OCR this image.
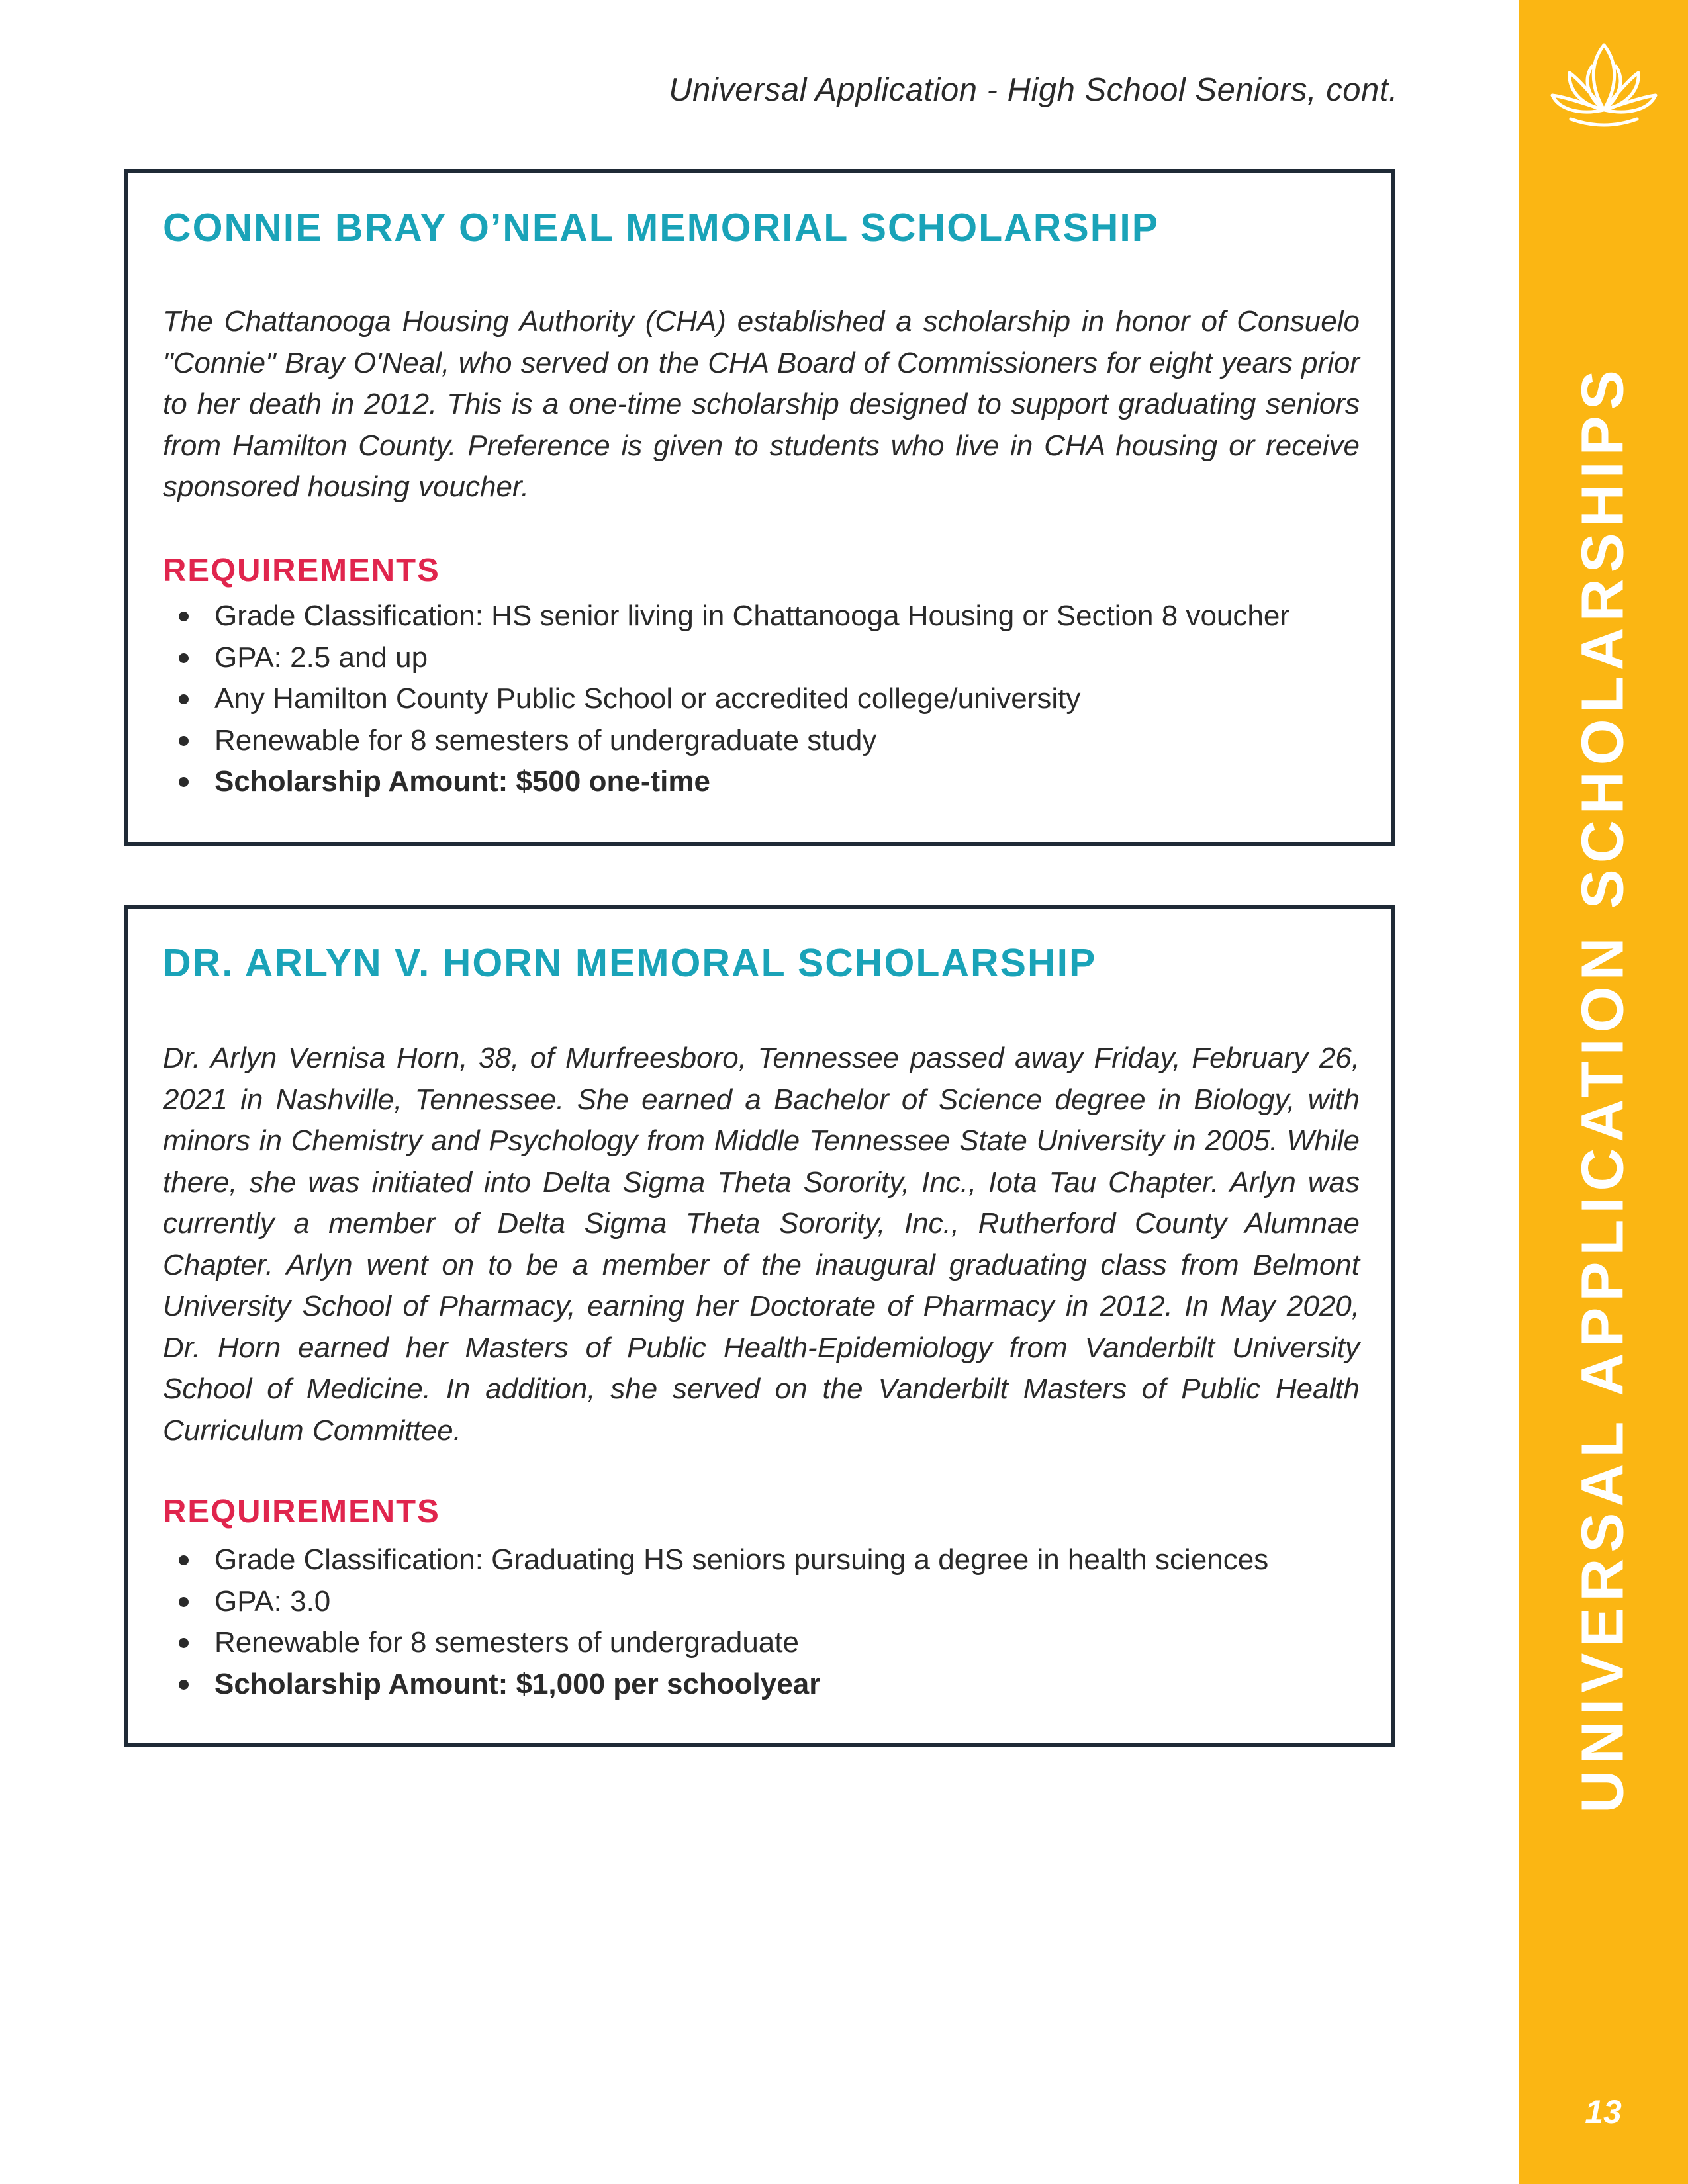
Universal Application - High School Seniors, cont.
CONNIE BRAY O’NEAL MEMORIAL SCHOLARSHIP
The Chattanooga Housing Authority (CHA) established a scholarship in honor of Consuelo "Connie" Bray O'Neal, who served on the CHA Board of Commissioners for eight years prior to her death in 2012. This is a one-time scholarship designed to support graduating seniors from Hamilton County. Preference is given to students who live in CHA housing or receive sponsored housing voucher.
REQUIREMENTS
Grade Classification: HS senior living in Chattanooga Housing or Section 8 voucher
GPA: 2.5 and up
Any Hamilton County Public School or accredited college/university
Renewable for 8 semesters of undergraduate study
Scholarship Amount: $500 one-time
DR. ARLYN V. HORN MEMORAL SCHOLARSHIP
Dr. Arlyn Vernisa Horn, 38, of Murfreesboro, Tennessee passed away Friday, February 26, 2021 in Nashville, Tennessee. She earned a Bachelor of Science degree in Biology, with minors in Chemistry and Psychology from Middle Tennessee State University in 2005. While there, she was initiated into Delta Sigma Theta Sorority, Inc., Iota Tau Chapter. Arlyn was currently a member of Delta Sigma Theta Sorority, Inc., Rutherford County Alumnae Chapter. Arlyn went on to be a member of the inaugural graduating class from Belmont University School of Pharmacy, earning her Doctorate of Pharmacy in 2012. In May 2020, Dr. Horn earned her Masters of Public Health-Epidemiology from Vanderbilt University School of Medicine. In addition, she served on the Vanderbilt Masters of Public Health Curriculum Committee.
REQUIREMENTS
Grade Classification: Graduating HS seniors pursuing a degree in health sciences
GPA: 3.0
Renewable for 8 semesters of undergraduate
Scholarship Amount: $1,000 per schoolyear	UNIVERSAL APPLICATION SCHOLARSHIPS
13
